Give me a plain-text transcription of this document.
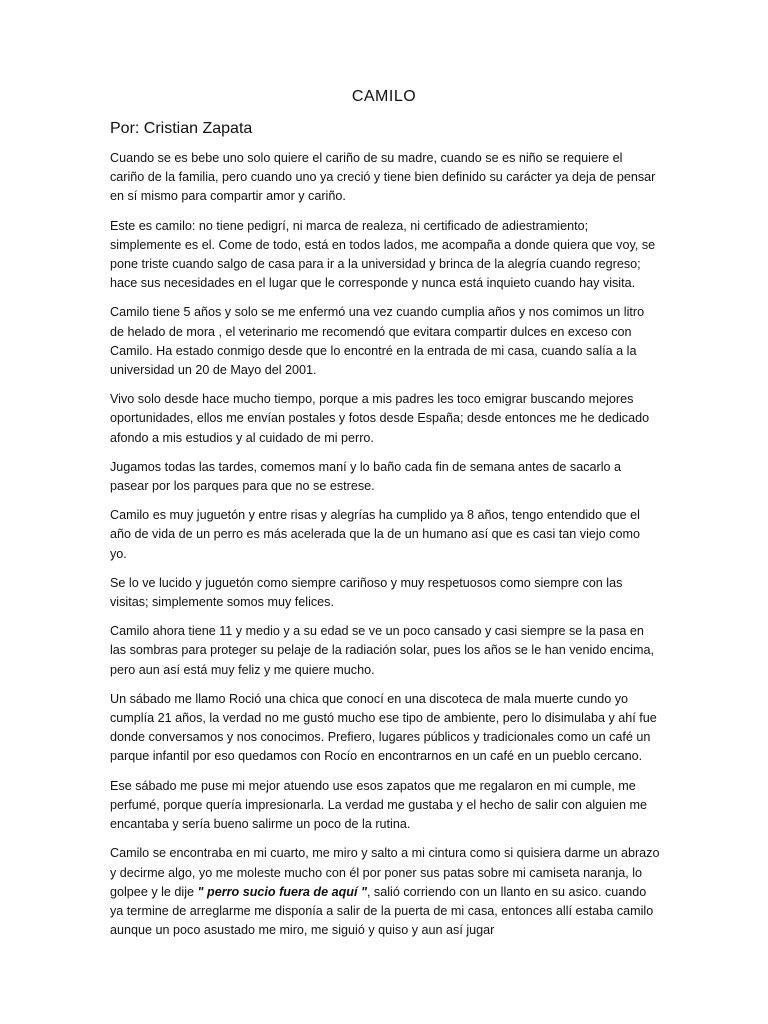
CAMILO
Por: Cristian Zapata

Cuando se es bebe uno solo quiere el cariño de su madre, cuando se es niño se requiere el cariño de la familia, pero cuando uno ya creció y tiene bien definido su carácter ya deja de pensar en sí mismo para compartir amor y cariño.

Este es camilo: no tiene pedigrí, ni marca de realeza, ni certificado de adiestramiento; simplemente es el. Come de todo, está en todos lados, me acompaña a donde quiera que voy, se pone triste cuando salgo de casa para ir a la universidad y brinca de la alegría cuando regreso; hace sus necesidades en el lugar que le corresponde y nunca está inquieto cuando hay visita.

Camilo tiene 5 años y solo se me enfermó una vez cuando cumplia años y nos comimos un litro de helado de mora , el veterinario me recomendó que evitara compartir dulces en exceso con Camilo. Ha estado conmigo desde que lo encontré en la entrada de mi casa, cuando salía a la universidad un 20 de Mayo del 2001.

Vivo solo desde hace mucho tiempo, porque a mis padres les toco emigrar buscando mejores oportunidades, ellos me envían postales y fotos desde España; desde entonces me he dedicado afondo a mis estudios y al cuidado de mi perro.

Jugamos todas las tardes, comemos maní y lo baño cada fin de semana antes de sacarlo a pasear por los parques para que no se estrese.

Camilo es muy juguetón y entre risas y alegrías ha cumplido ya 8 años, tengo entendido que el año de vida de un perro es más acelerada que la de un humano así que es casi tan viejo como yo.

Se lo ve lucido y juguetón como siempre cariñoso y muy respetuosos como siempre con las visitas; simplemente somos muy felices.

Camilo ahora tiene 11 y medio y a su edad se ve un poco cansado y casi siempre se la pasa en las sombras para proteger su pelaje de la radiación solar, pues los años se le han venido encima, pero aun así está muy feliz y me quiere mucho.

Un sábado me llamo Roció una chica que conocí en una discoteca de mala muerte cundo yo cumplía 21 años, la verdad no me gustó mucho ese tipo de ambiente, pero lo disimulaba y ahí fue donde conversamos y nos conocimos. Prefiero, lugares públicos y tradicionales como un café un parque infantil por eso quedamos con Rocío en encontrarnos en un café en un pueblo cercano.

Ese sábado me puse mi mejor atuendo use esos zapatos que me regalaron en mi cumple, me perfumé, porque quería impresionarla. La verdad me gustaba y el hecho de salir con alguien me encantaba y sería bueno salirme un poco de la rutina.

Camilo se encontraba en mi cuarto, me miro y salto a mi cintura como si quisiera darme un abrazo y decirme algo, yo me moleste mucho con él por poner sus patas sobre mi camiseta naranja, lo golpee y le dije " perro sucio fuera de aquí ", salió corriendo con un llanto en su asico. cuando ya termine de arreglarme me disponía a salir de la puerta de mi casa, entonces allí estaba camilo aunque un poco asustado me miro, me siguió y quiso y aun así jugar
